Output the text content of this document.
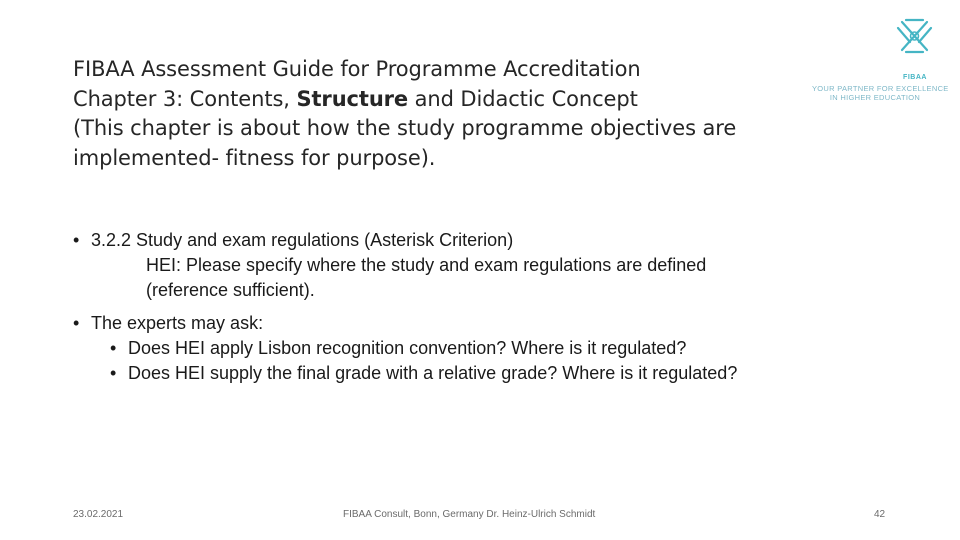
FIBAA Assessment Guide for Programme Accreditation
Chapter 3: Contents, Structure and Didactic Concept
(This chapter is about how the study programme objectives are
implemented- fitness for purpose).
FIBAA
YOUR PARTNER FOR EXCELLENCE
IN HIGHER EDUCATION
• 3.2.2 Study and exam regulations (Asterisk Criterion)
HEI: Please specify where the study and exam regulations are defined
(reference sufficient).
• The experts may ask:
• Does HEI apply Lisbon recognition convention? Where is it regulated?
• Does HEI supply the final grade with a relative grade? Where is it regulated?
23.02.2021	FIBAA Consult, Bonn, Germany Dr. Heinz-Ulrich Schmidt	42
